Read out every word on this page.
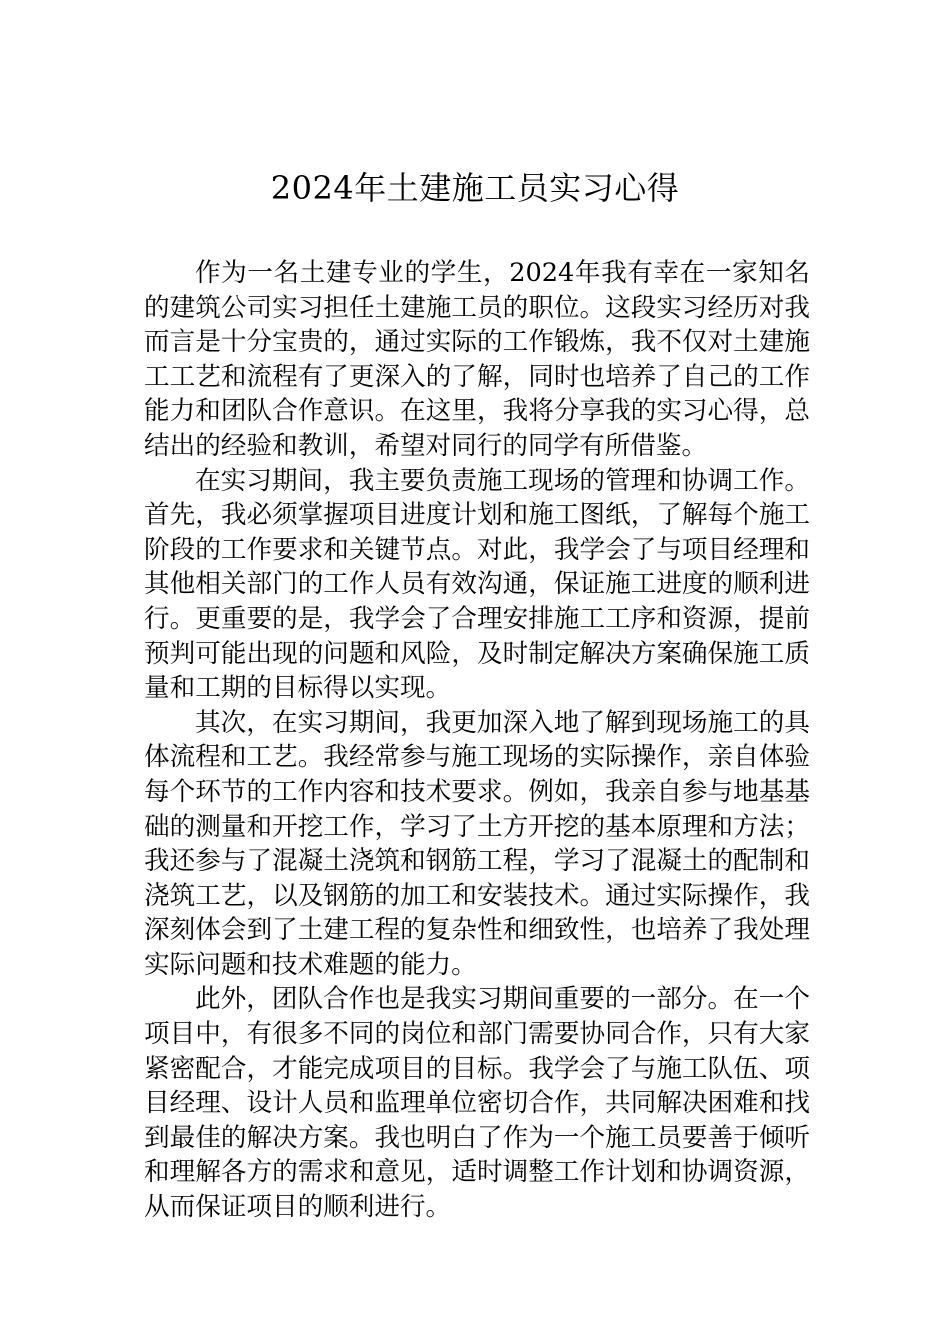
2024年土建施工员实习心得

作为一名土建专业的学生，2024年我有幸在一家知名的建筑公司实习担任土建施工员的职位。这段实习经历对我而言是十分宝贵的，通过实际的工作锻炼，我不仅对土建施工工艺和流程有了更深入的了解，同时也培养了自己的工作能力和团队合作意识。在这里，我将分享我的实习心得，总结出的经验和教训，希望对同行的同学有所借鉴。

在实习期间，我主要负责施工现场的管理和协调工作。首先，我必须掌握项目进度计划和施工图纸，了解每个施工阶段的工作要求和关键节点。对此，我学会了与项目经理和其他相关部门的工作人员有效沟通，保证施工进度的顺利进行。更重要的是，我学会了合理安排施工工序和资源，提前预判可能出现的问题和风险，及时制定解决方案确保施工质量和工期的目标得以实现。

其次，在实习期间，我更加深入地了解到现场施工的具体流程和工艺。我经常参与施工现场的实际操作，亲自体验每个环节的工作内容和技术要求。例如，我亲自参与地基基础的测量和开挖工作，学习了土方开挖的基本原理和方法；我还参与了混凝土浇筑和钢筋工程，学习了混凝土的配制和浇筑工艺，以及钢筋的加工和安装技术。通过实际操作，我深刻体会到了土建工程的复杂性和细致性，也培养了我处理实际问题和技术难题的能力。

此外，团队合作也是我实习期间重要的一部分。在一个项目中，有很多不同的岗位和部门需要协同合作，只有大家紧密配合，才能完成项目的目标。我学会了与施工队伍、项目经理、设计人员和监理单位密切合作，共同解决困难和找到最佳的解决方案。我也明白了作为一个施工员要善于倾听和理解各方的需求和意见，适时调整工作计划和协调资源，从而保证项目的顺利进行。
